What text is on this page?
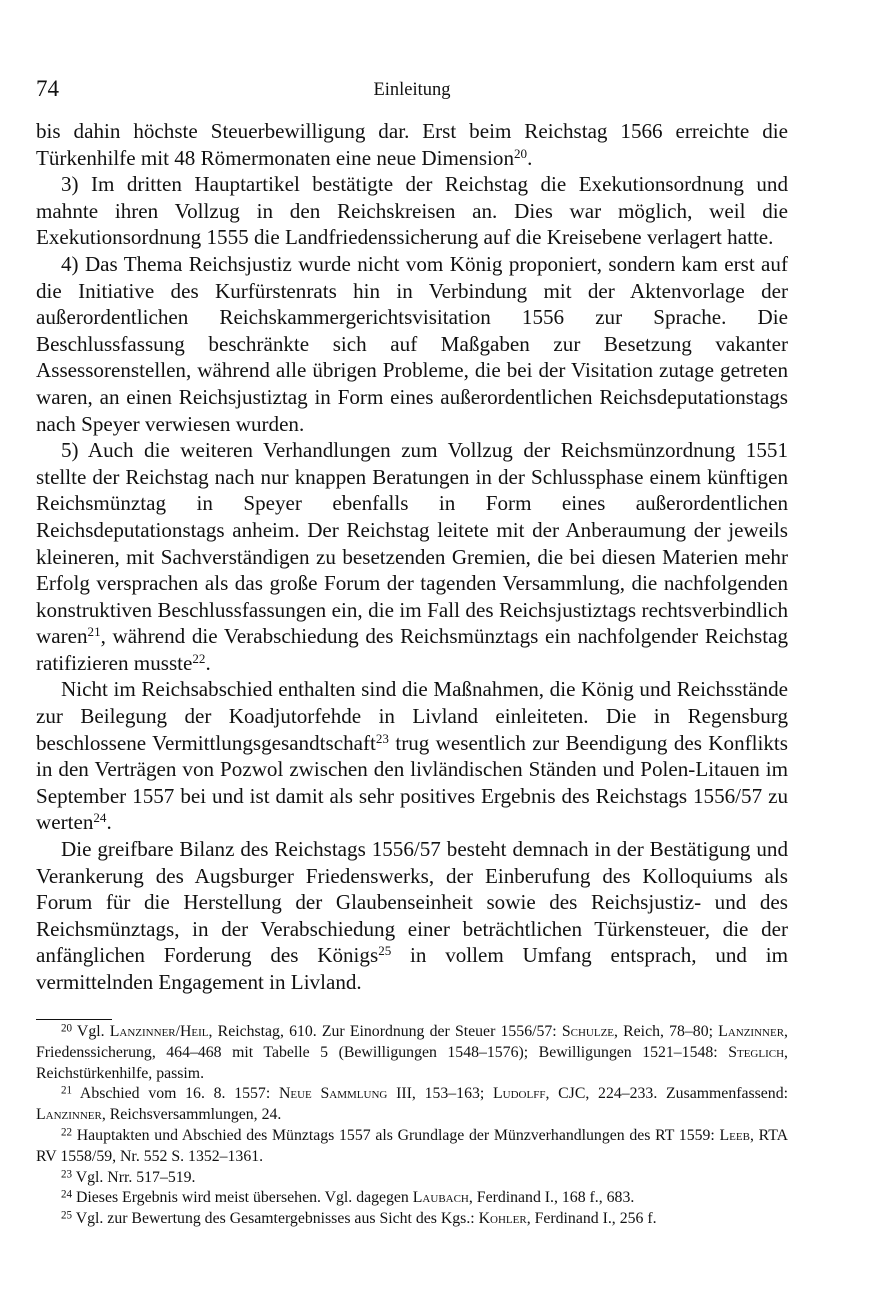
74	Einleitung

bis dahin höchste Steuerbewilligung dar. Erst beim Reichstag 1566 erreichte die Türkenhilfe mit 48 Römermonaten eine neue Dimension$^{20}$.

3) Im dritten Hauptartikel bestätigte der Reichstag die Exekutionsordnung und mahnte ihren Vollzug in den Reichskreisen an. Dies war möglich, weil die Exekutionsordnung 1555 die Landfriedenssicherung auf die Kreisebene verlagert hatte.

4) Das Thema Reichsjustiz wurde nicht vom König proponiert, sondern kam erst auf die Initiative des Kurfürstenrats hin in Verbindung mit der Aktenvorlage der außerordentlichen Reichskammergerichtsvisitation 1556 zur Sprache. Die Beschlussfassung beschränkte sich auf Maßgaben zur Besetzung vakanter Assessorenstellen, während alle übrigen Probleme, die bei der Visitation zutage getreten waren, an einen Reichsjustiztag in Form eines außerordentlichen Reichsdeputationstags nach Speyer verwiesen wurden.

5) Auch die weiteren Verhandlungen zum Vollzug der Reichsmünzordnung 1551 stellte der Reichstag nach nur knappen Beratungen in der Schlussphase einem künftigen Reichsmünztag in Speyer ebenfalls in Form eines außerordentlichen Reichsdeputationstags anheim. Der Reichstag leitete mit der Anberaumung der jeweils kleineren, mit Sachverständigen zu besetzenden Gremien, die bei diesen Materien mehr Erfolg versprachen als das große Forum der tagenden Versammlung, die nachfolgenden konstruktiven Beschlussfassungen ein, die im Fall des Reichsjustiztags rechtsverbindlich waren$^{21}$, während die Verabschiedung des Reichsmünztags ein nachfolgender Reichstag ratifizieren musste$^{22}$.

Nicht im Reichsabschied enthalten sind die Maßnahmen, die König und Reichsstände zur Beilegung der Koadjutorfehde in Livland einleiteten. Die in Regensburg beschlossene Vermittlungsgesandtschaft$^{23}$ trug wesentlich zur Beendigung des Konflikts in den Verträgen von Pozwol zwischen den livländischen Ständen und Polen-Litauen im September 1557 bei und ist damit als sehr positives Ergebnis des Reichstags 1556/57 zu werten$^{24}$.

Die greifbare Bilanz des Reichstags 1556/57 besteht demnach in der Bestätigung und Verankerung des Augsburger Friedenswerks, der Einberufung des Kolloquiums als Forum für die Herstellung der Glaubenseinheit sowie des Reichsjustiz- und des Reichsmünztags, in der Verabschiedung einer beträchtlichen Türkensteuer, die der anfänglichen Forderung des Königs$^{25}$ in vollem Umfang entsprach, und im vermittelnden Engagement in Livland.

$^{20}$ Vgl. Lanzinner/Heil, Reichstag, 610. Zur Einordnung der Steuer 1556/57: Schulze, Reich, 78–80; Lanzinner, Friedenssicherung, 464–468 mit Tabelle 5 (Bewilligungen 1548–1576); Bewilligungen 1521–1548: Steglich, Reichstürkenhilfe, passim.

$^{21}$ Abschied vom 16. 8. 1557: Neue Sammlung III, 153–163; Ludolff, CJC, 224–233. Zusammenfassend: Lanzinner, Reichsversammlungen, 24.

$^{22}$ Hauptakten und Abschied des Münztags 1557 als Grundlage der Münzverhandlungen des RT 1559: Leeb, RTA RV 1558/59, Nr. 552 S. 1352–1361.

$^{23}$ Vgl. Nrr. 517–519.

$^{24}$ Dieses Ergebnis wird meist übersehen. Vgl. dagegen Laubach, Ferdinand I., 168 f., 683.

$^{25}$ Vgl. zur Bewertung des Gesamtergebnisses aus Sicht des Kgs.: Kohler, Ferdinand I., 256 f.
